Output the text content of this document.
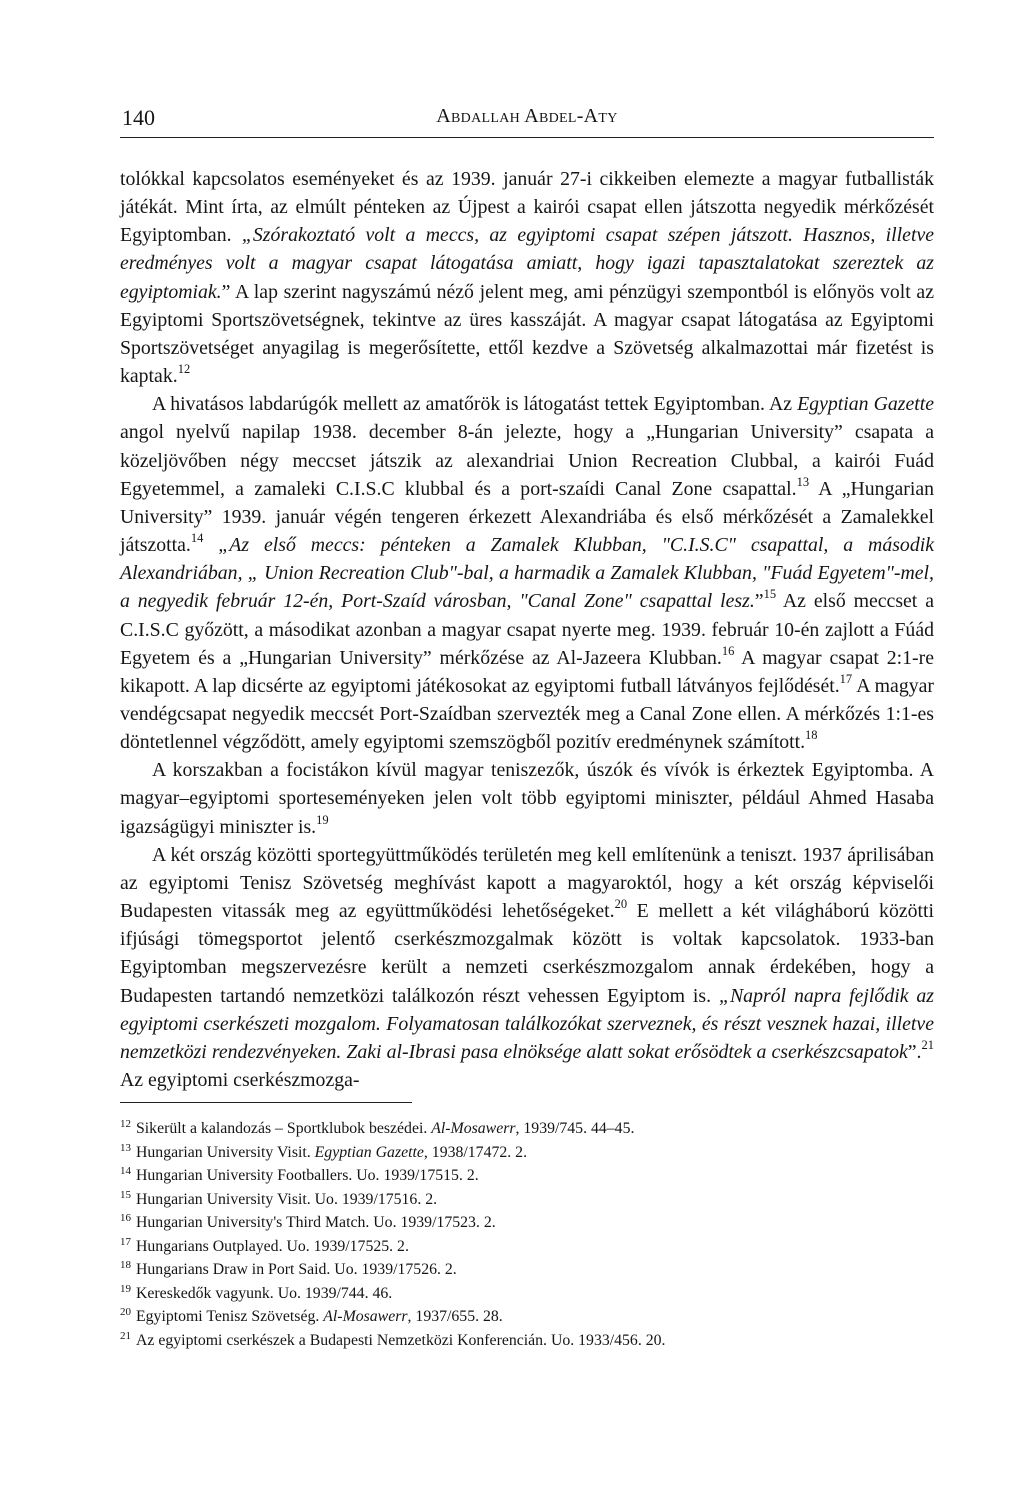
140	Abdallah Abdel-Aty

tolókkal kapcsolatos eseményeket és az 1939. január 27-i cikkeiben elemezte a magyar futballisták játékát. Mint írta, az elmúlt pénteken az Újpest a kairói csapat ellen játszotta negyedik mérkőzését Egyiptomban. „Szórakoztató volt a meccs, az egyiptomi csapat szépen játszott. Hasznos, illetve eredményes volt a magyar csapat látogatása amiatt, hogy igazi tapasztalatokat szereztek az egyiptomiak.” A lap szerint nagyszámú néző jelent meg, ami pénzügyi szempontból is előnyös volt az Egyiptomi Sportszövetségnek, tekintve az üres kasszáját. A magyar csapat látogatása az Egyiptomi Sportszövetséget anyagilag is megerősítette, ettől kezdve a Szövetség alkalmazottai már fizetést is kaptak.$^{12}$

A hivatásos labdarúgók mellett az amatőrök is látogatást tettek Egyiptomban. Az Egyptian Gazette angol nyelvű napilap 1938. december 8-án jelezte, hogy a „Hungarian University” csapata a közeljövőben négy meccset játszik az alexandriai Union Recreation Clubbal, a kairói Fuád Egyetemmel, a zamaleki C.I.S.C klubbal és a port-szaídi Canal Zone csapattal.$^{13}$ A „Hungarian University” 1939. január végén tengeren érkezett Alexandriába és első mérkőzését a Zamalekkel játszotta.$^{14}$ „Az első meccs: pénteken a Zamalek Klubban, "C.I.S.C" csapattal, a második Alexandriában, „ Union Recreation Club"-bal, a harmadik a Zamalek Klubban, "Fuád Egyetem"-mel, a negyedik február 12-én, Port-Szaíd városban, "Canal Zone" csapattal lesz.”$^{15}$ Az első meccset a C.I.S.C győzött, a másodikat azonban a magyar csapat nyerte meg. 1939. február 10-én zajlott a Fúád Egyetem és a „Hungarian University” mérkőzése az Al-Jazeera Klubban.$^{16}$ A magyar csapat 2:1-re kikapott. A lap dicsérte az egyiptomi játékosokat az egyiptomi futball látványos fejlődését.$^{17}$ A magyar vendégcsapat negyedik meccsét Port-Szaídban szervezték meg a Canal Zone ellen. A mérkőzés 1:1-es döntetlennel végződött, amely egyiptomi szemszögből pozitív eredménynek számított.$^{18}$

A korszakban a focistákon kívül magyar teniszezők, úszók és vívók is érkeztek Egyiptomba. A magyar–egyiptomi sporteseményeken jelen volt több egyiptomi miniszter, például Ahmed Hasaba igazságügyi miniszter is.$^{19}$

A két ország közötti sportegyüttműködés területén meg kell említenünk a teniszt. 1937 áprilisában az egyiptomi Tenisz Szövetség meghívást kapott a magyaroktól, hogy a két ország képviselői Budapesten vitassák meg az együttműködési lehetőségeket.$^{20}$ E mellett a két világháború közötti ifjúsági tömegsportot jelentő cserkészmozgalmak között is voltak kapcsolatok. 1933-ban Egyiptomban megszervezésre került a nemzeti cserkészmozgalom annak érdekében, hogy a Budapesten tartandó nemzetközi találkozón részt vehessen Egyiptom is. „Napról napra fejlődik az egyiptomi cserkészeti mozgalom. Folyamatosan találkozókat szerveznek, és részt vesznek hazai, illetve nemzetközi rendezvényeken. Zaki al-Ibrasi pasa elnöksége alatt sokat erősödtek a cserkészcsapatok”.$^{21}$ Az egyiptomi cserkészmozga-

$^{12}$ Sikerült a kalandozás – Sportklubok beszédei. Al-Mosawerr, 1939/745. 44–45.
$^{13}$ Hungarian University Visit. Egyptian Gazette, 1938/17472. 2.
$^{14}$ Hungarian University Footballers. Uo. 1939/17515. 2.
$^{15}$ Hungarian University Visit. Uo. 1939/17516. 2.
$^{16}$ Hungarian University's Third Match. Uo. 1939/17523. 2.
$^{17}$ Hungarians Outplayed. Uo. 1939/17525. 2.
$^{18}$ Hungarians Draw in Port Said. Uo. 1939/17526. 2.
$^{19}$ Kereskedők vagyunk. Uo. 1939/744. 46.
$^{20}$ Egyiptomi Tenisz Szövetség. Al-Mosawerr, 1937/655. 28.
$^{21}$ Az egyiptomi cserkészek a Budapesti Nemzetközi Konferencián. Uo. 1933/456. 20.
